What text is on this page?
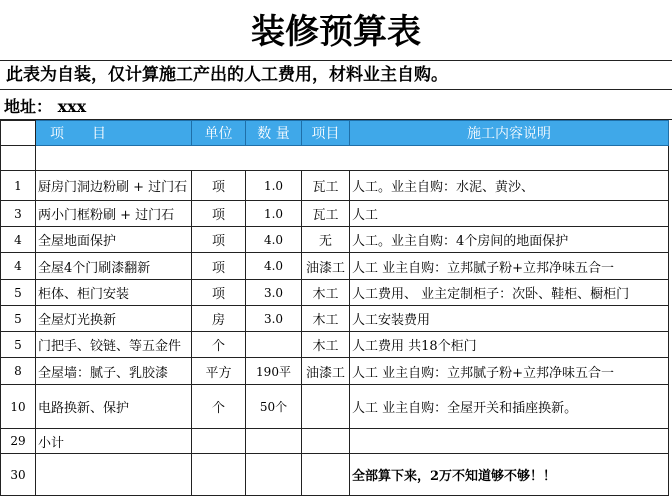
装修预算表
此表为自装，仅计算施工产出的人工费用，材料业主自购。
地址： xxx
	项　　目	单位	数 量	项目	施工内容说明

1	厨房门洞边粉刷 + 过门石	项	1.0	瓦工	人工。业主自购：水泥、黄沙、
3	两小门框粉刷 + 过门石	项	1.0	瓦工	人工
4	全屋地面保护	项	4.0	无	人工。业主自购：4个房间的地面保护
4	全屋4个门刷漆翻新	项	4.0	油漆工	人工 业主自购：立邦腻子粉+立邦净味五合一
5	柜体、柜门安装	项	3.0	木工	人工费用、 业主定制柜子：次卧、鞋柜、橱柜门
5	全屋灯光换新	房	3.0	木工	人工安装费用
5	门把手、铰链、等五金件	个		木工	人工费用 共18个柜门
8	全屋墙：腻子、乳胶漆	平方	190平	油漆工	人工 业主自购：立邦腻子粉+立邦净味五合一
10	电路换新、保护	个	50个		人工 业主自购：全屋开关和插座换新。
29	小计				
30					全部算下来，2万不知道够不够！！
